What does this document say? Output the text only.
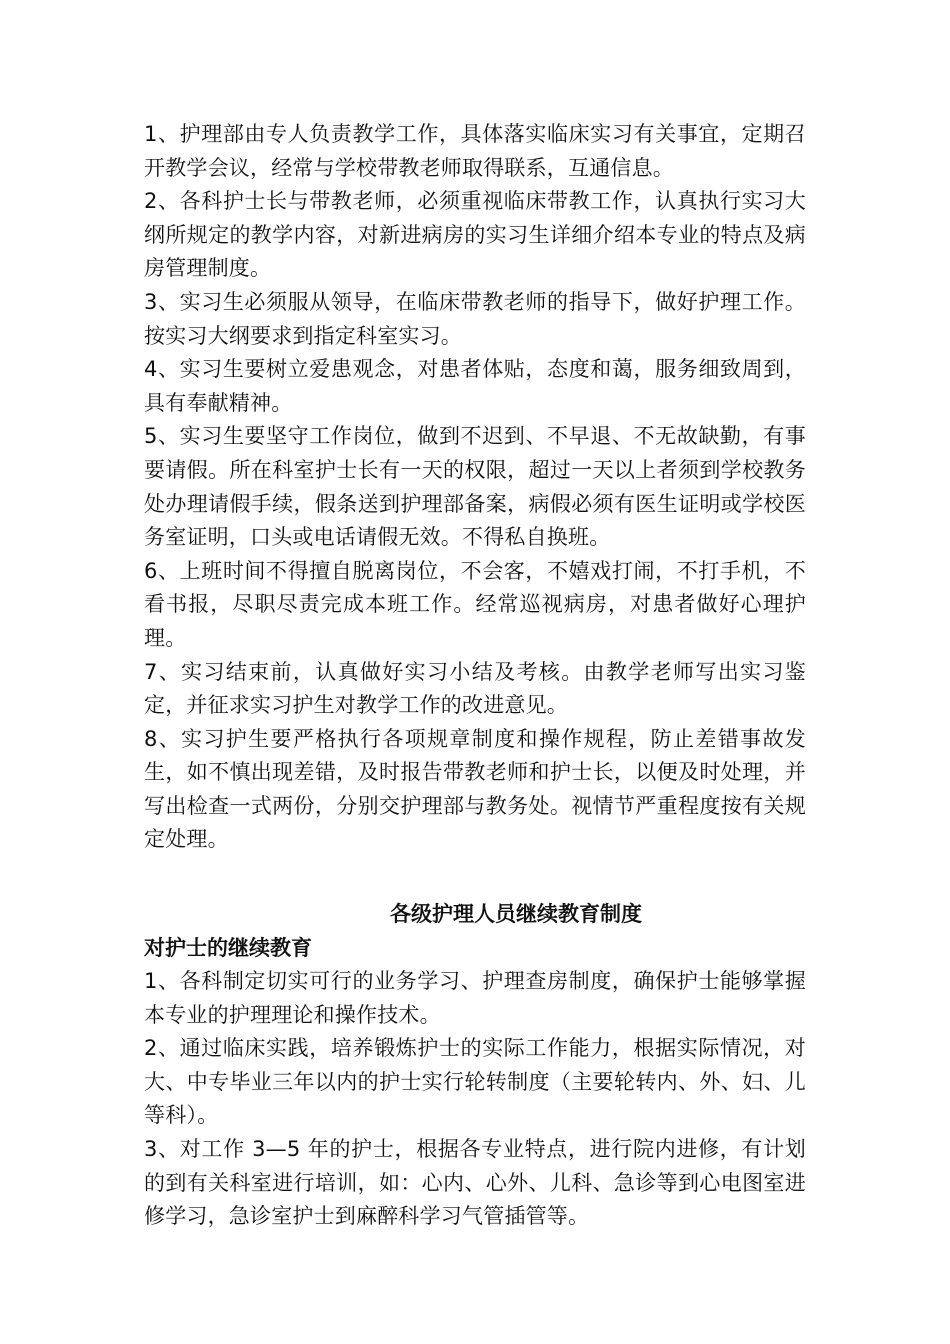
1、护理部由专人负责教学工作，具体落实临床实习有关事宜，定期召开教学会议，经常与学校带教老师取得联系，互通信息。

2、各科护士长与带教老师，必须重视临床带教工作，认真执行实习大纲所规定的教学内容，对新进病房的实习生详细介绍本专业的特点及病房管理制度。

3、实习生必须服从领导，在临床带教老师的指导下，做好护理工作。按实习大纲要求到指定科室实习。

4、实习生要树立爱患观念，对患者体贴，态度和蔼，服务细致周到，具有奉献精神。

5、实习生要坚守工作岗位，做到不迟到、不早退、不无故缺勤，有事要请假。所在科室护士长有一天的权限，超过一天以上者须到学校教务处办理请假手续，假条送到护理部备案，病假必须有医生证明或学校医务室证明，口头或电话请假无效。不得私自换班。

6、上班时间不得擅自脱离岗位，不会客，不嬉戏打闹，不打手机，不看书报，尽职尽责完成本班工作。经常巡视病房，对患者做好心理护理。

7、实习结束前，认真做好实习小结及考核。由教学老师写出实习鉴定，并征求实习护生对教学工作的改进意见。

8、实习护生要严格执行各项规章制度和操作规程，防止差错事故发生，如不慎出现差错，及时报告带教老师和护士长，以便及时处理，并写出检查一式两份，分别交护理部与教务处。视情节严重程度按有关规定处理。

各级护理人员继续教育制度
对护士的继续教育

1、各科制定切实可行的业务学习、护理查房制度，确保护士能够掌握本专业的护理理论和操作技术。

2、通过临床实践，培养锻炼护士的实际工作能力，根据实际情况，对大、中专毕业三年以内的护士实行轮转制度（主要轮转内、外、妇、儿等科）。

3、对工作 3—5 年的护士，根据各专业特点，进行院内进修，有计划的到有关科室进行培训，如：心内、心外、儿科、急诊等到心电图室进修学习，急诊室护士到麻醉科学习气管插管等。
